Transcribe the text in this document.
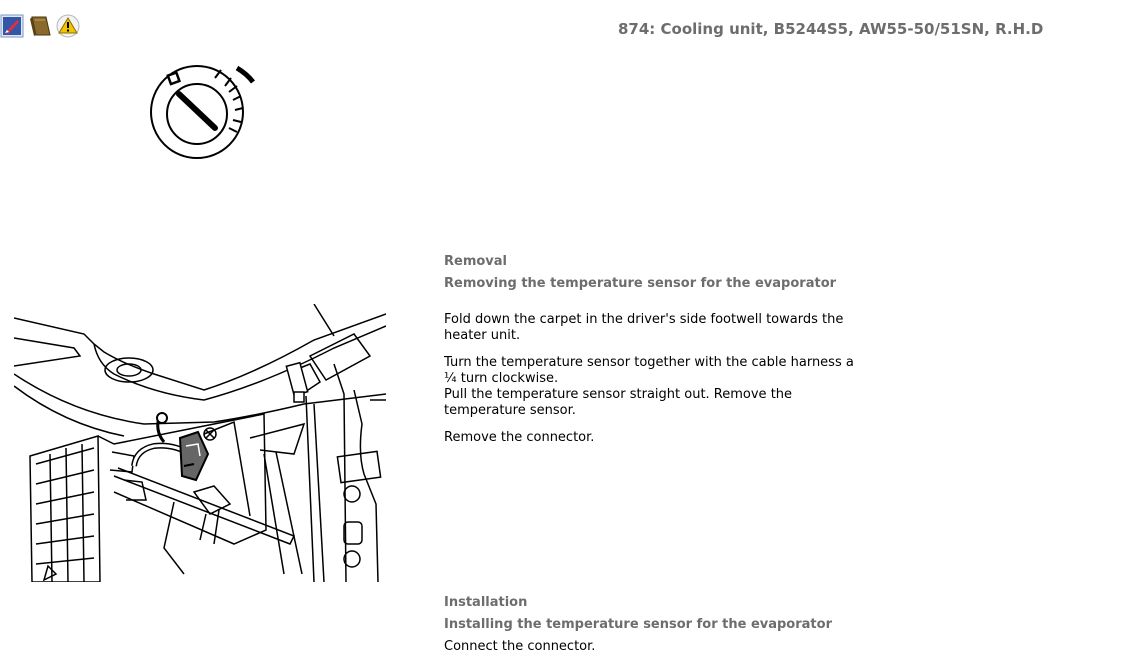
874: Cooling unit, B5244S5, AW55-50/51SN, R.H.D
Removal
Removing the temperature sensor for the evaporator
Fold down the carpet in the driver's side footwell towards the heater unit.
Turn the temperature sensor together with the cable harness a ¼ turn clockwise.
Pull the temperature sensor straight out. Remove the temperature sensor.
Remove the connector.
Installation
Installing the temperature sensor for the evaporator
Connect the connector.
